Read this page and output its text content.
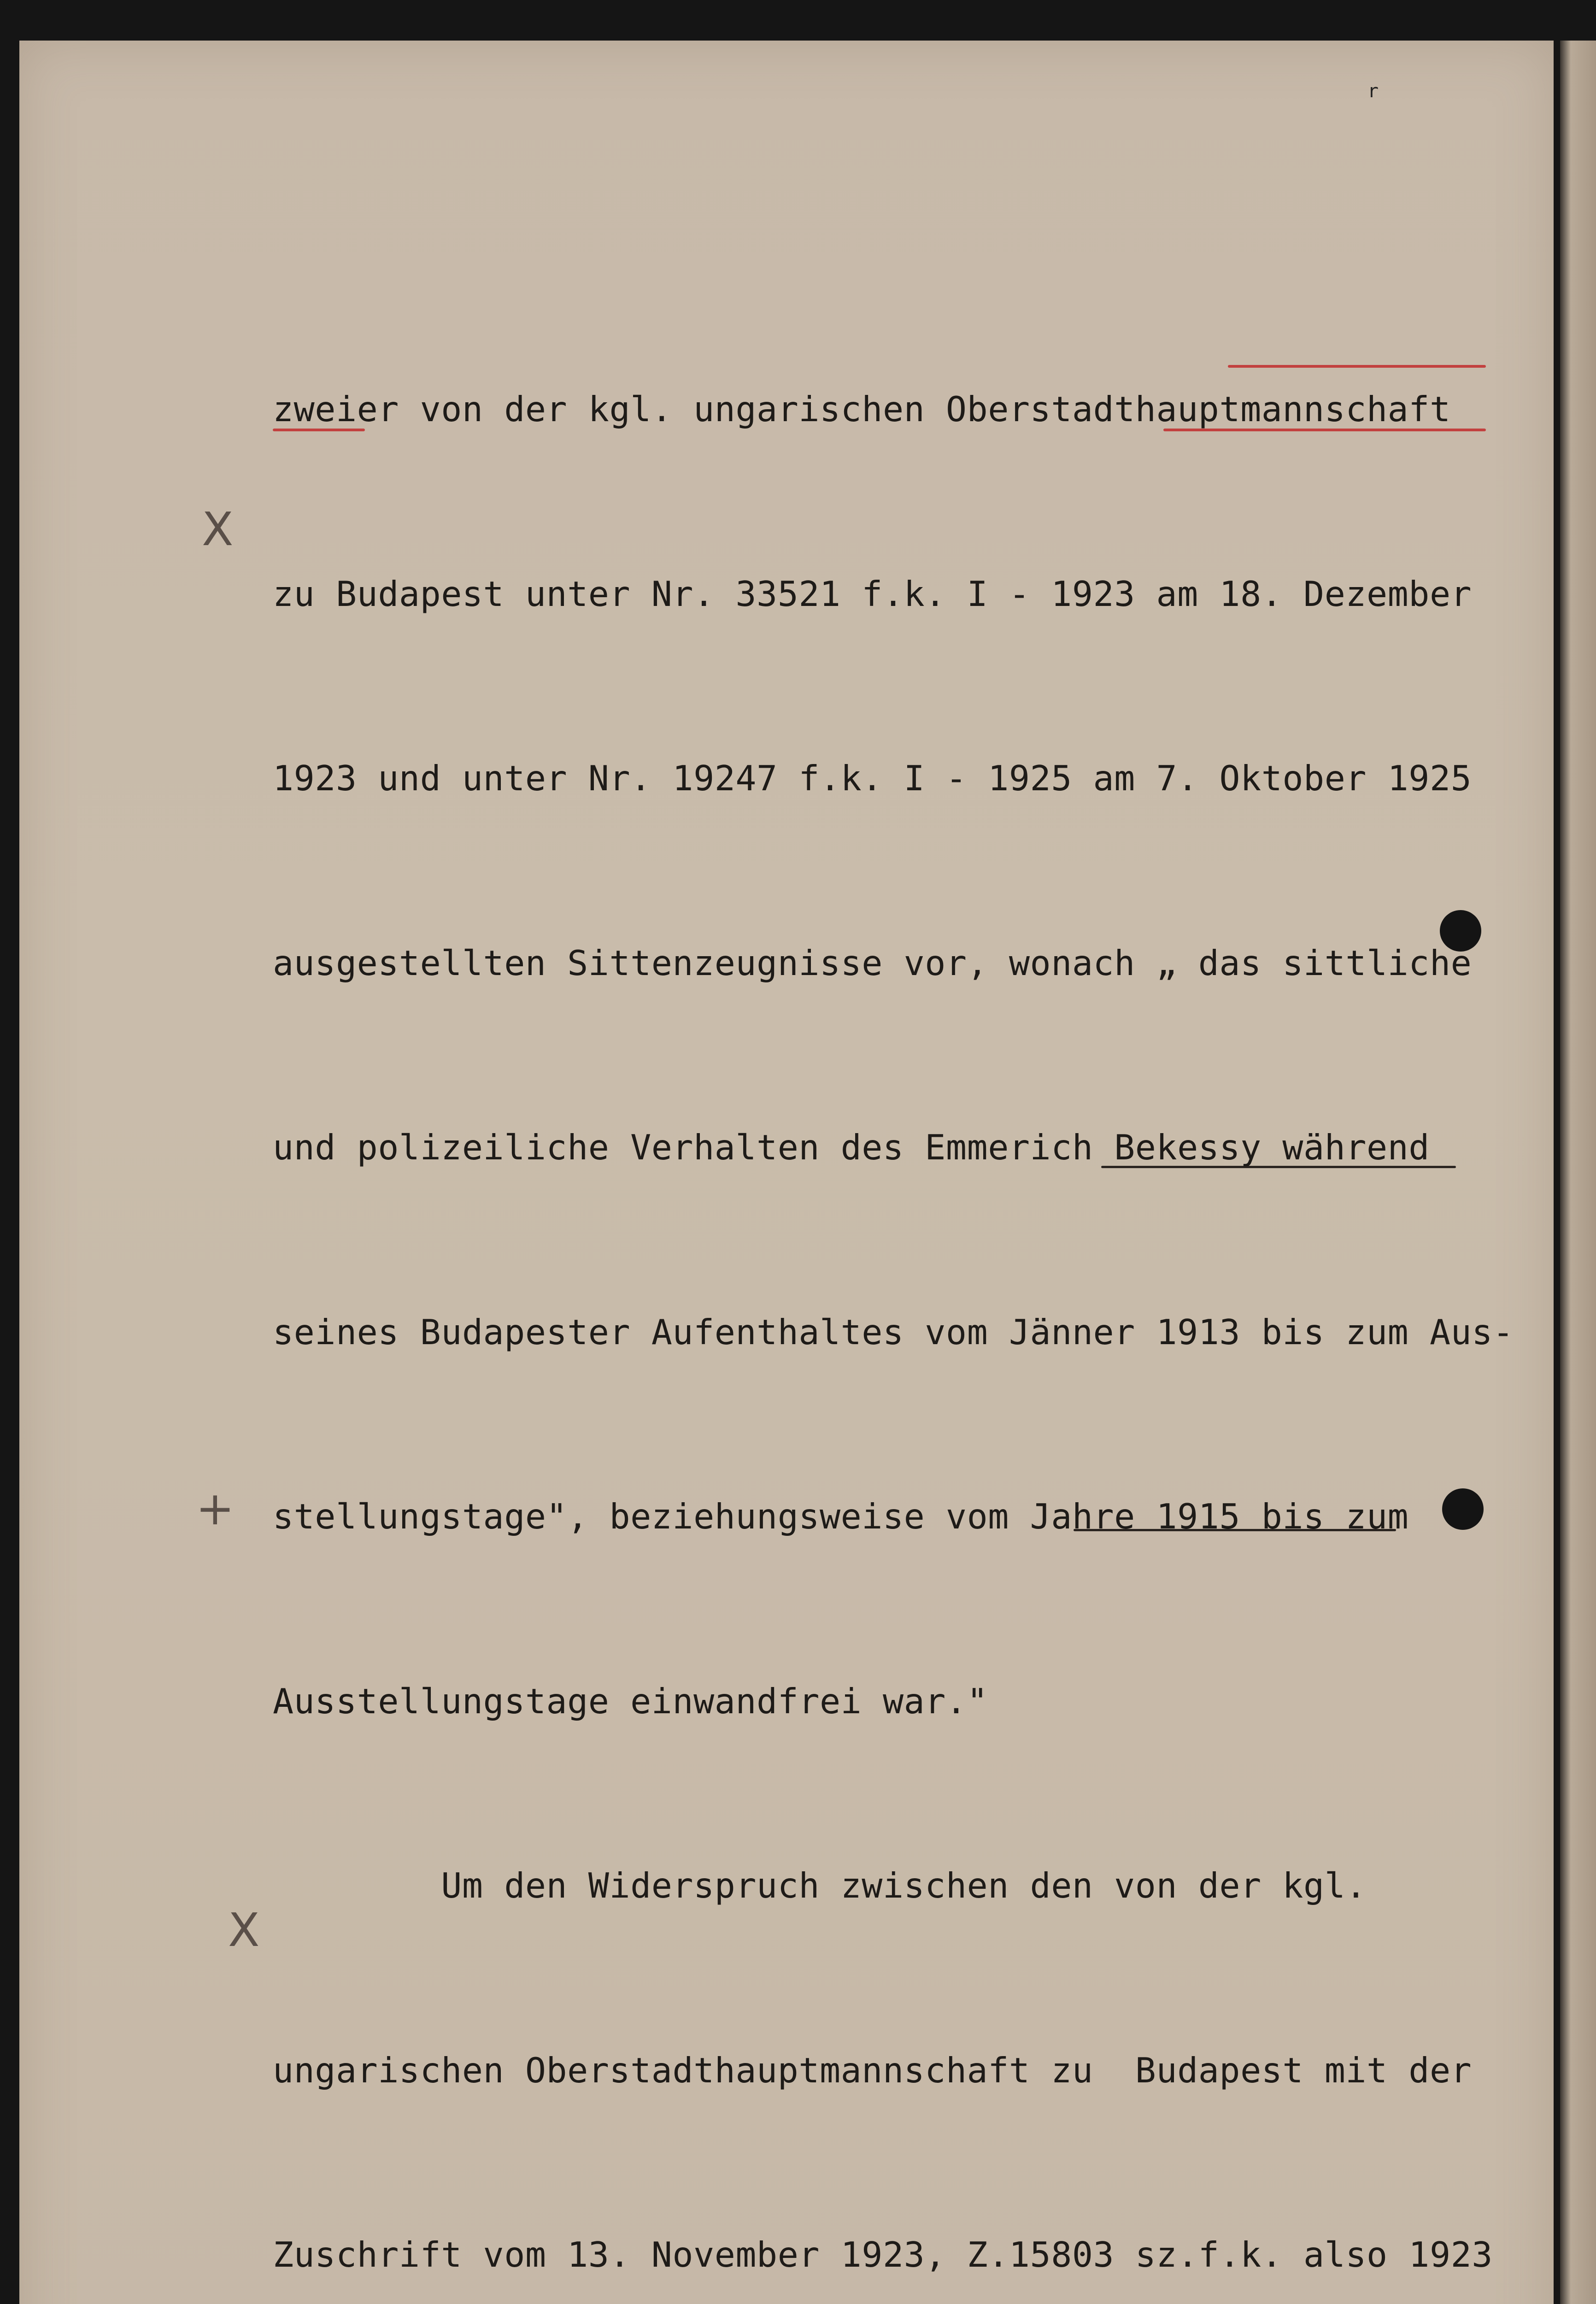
r
X
+
X

zweier von der kgl. ungarischen Oberstadthauptmannschaft

zu Budapest unter Nr. 33521 f.k. I - 1923 am 18. Dezember

1923 und unter Nr. 19247 f.k. I - 1925 am 7. Oktober 1925

ausgestellten Sittenzeugnisse vor, wonach „ das sittliche

und polizeiliche Verhalten des Emmerich Bekessy während

seines Budapester Aufenthaltes vom Jänner 1913 bis zum Aus-

stellungstage", beziehungsweise vom Jahre 1915 bis zum

Ausstellungstage einwandfrei war."

Um den Widerspruch zwischen den von der kgl.

ungarischen Oberstadthauptmannschaft zu  Budapest mit der

Zuschrift vom 13. November 1923, Z.15803 sz.f.k. also 1923
